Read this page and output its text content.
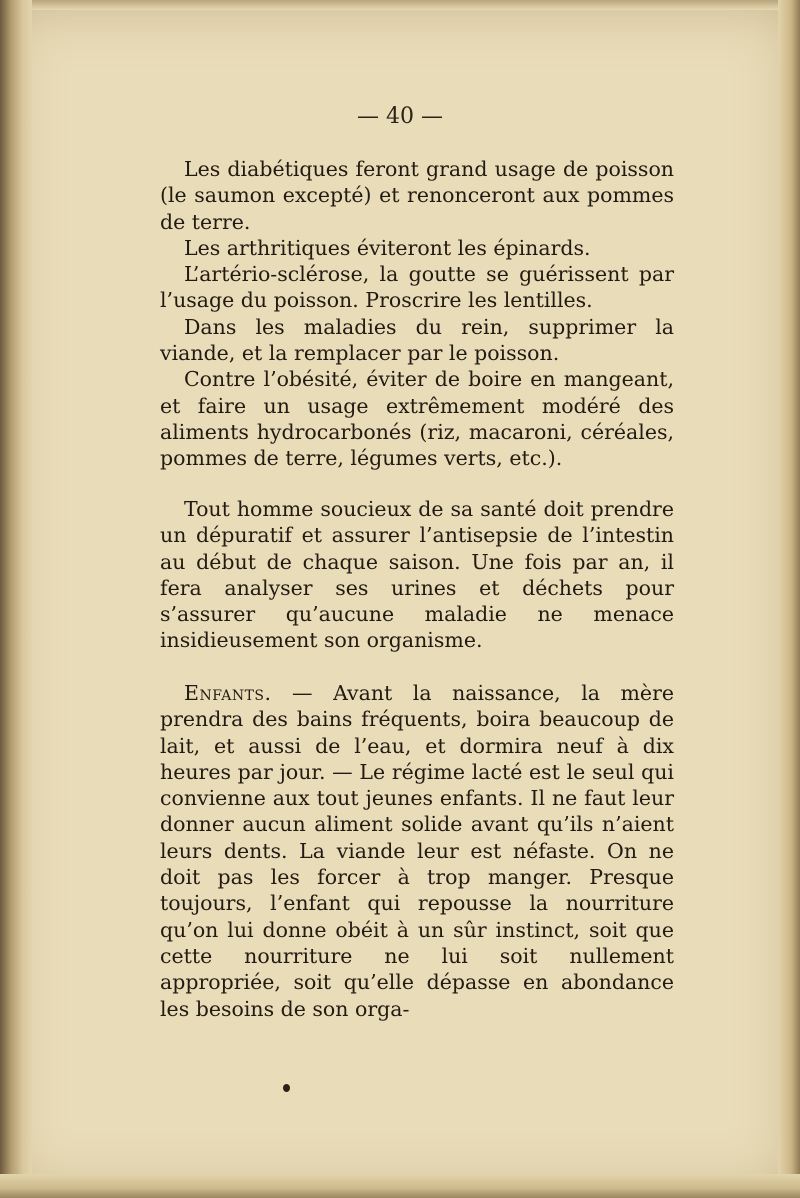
— 40 —

Les diabétiques feront grand usage de poisson (le saumon excepté) et renonceront aux pommes de terre.

Les arthritiques éviteront les épinards.

L’artério-sclérose, la goutte se guérissent par l’usage du poisson. Proscrire les lentilles.

Dans les maladies du rein, supprimer la viande, et la remplacer par le poisson.

Contre l’obésité, éviter de boire en mangeant, et faire un usage extrêmement modéré des aliments hydrocarbonés (riz, macaroni, céréales, pommes de terre, légumes verts, etc.).

Tout homme soucieux de sa santé doit prendre un dépuratif et assurer l’antisepsie de l’intestin au début de chaque saison. Une fois par an, il fera analyser ses urines et déchets pour s’assurer qu’aucune maladie ne menace insidieusement son organisme.

Enfants. — Avant la naissance, la mère prendra des bains fréquents, boira beaucoup de lait, et aussi de l’eau, et dormira neuf à dix heures par jour. — Le régime lacté est le seul qui convienne aux tout jeunes enfants. Il ne faut leur donner aucun aliment solide avant qu’ils n’aient leurs dents. La viande leur est néfaste. On ne doit pas les forcer à trop manger. Presque toujours, l’enfant qui repousse la nourriture qu’on lui donne obéit à un sûr instinct, soit que cette nourriture ne lui soit nullement appropriée, soit qu’elle dépasse en abondance les besoins de son orga-
